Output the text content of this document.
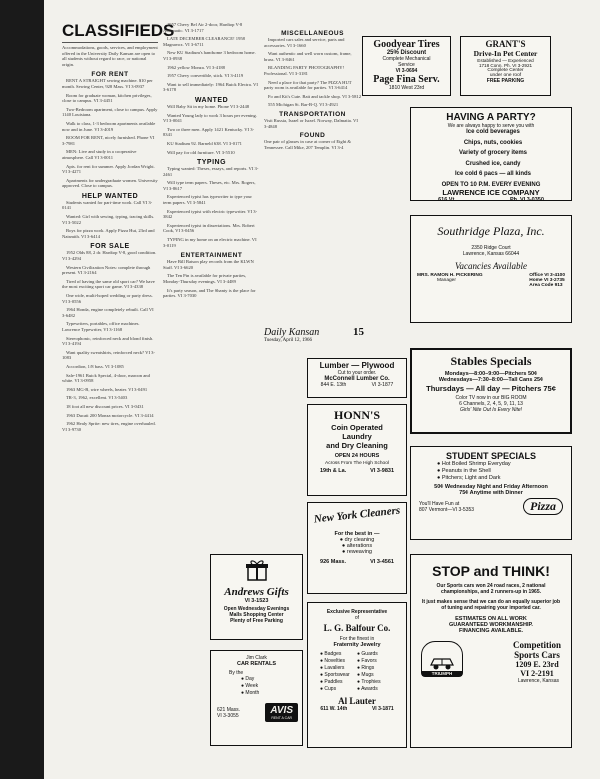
CLASSIFIEDS
Accommodations, goods, services, and employment offered in the University Daily Kansan are open to all students without regard to race, or national origin.
FOR RENT
RENT A STRAIGHT sewing machine. $10 per month. Sewing Center, 928 Mass. VI 3-0937
Room for graduate woman, kitchen privileges, close to campus. VI 3-4451
Two-Bedroom apartment, close to campus. Apply 1140 Louisiana.
Walk to class, 1-3 bedroom apartments available now and in June. VI 3-4019
ROOM FOR RENT, nicely furnished. Phone VI 3-7981
MEN: Live and study in a cooperative atmosphere. Call VI 3-0011
Apts. for rent for summer. Apply Jordan Wright. VI 3-4271
Apartments for undergraduate women. University approved. Close to campus.
HELP WANTED
Students wanted for part-time work. Call VI 3-0141
Wanted: Girl with sewing, typing, tracing skills. VI 3-5022
Boys for pizza work. Apply Pizza Hut, 23rd and Naismith. VI 3-6414
FOR SALE
1952 Olds 88, 2 dr. Hardtop V-8, good condition. VI 3-4294
Western Civilization Notes: complete through present. VI 3-2164
Tired of having the same old sport car? We have the most exciting sport car game. VI 3-4338
One wide, multi-hoped wedding or party dress. VI 3-0556
1964 Honda, engine completely rebuilt. Call VI 3-6482
Typewriters, portables, office machines. Lawrence Typewriter, VI 3-1168
Stereophonic, reinforced neck and blond finish. VI 3-4194
Want quality sweatshirts, reinforced neck? VI 3-1083
Accordion, 1/8 bass. VI 3-1085
Sale-1961 Buick Special, 4-door, maroon and white. VI 3-0958
1963 MG-B, wire wheels, heater. VI 3-0491
TR-3, 1962, excellent. VI 3-5403
18 foot all new discount prices. VI 3-0431
1963 Ducati 200 Monza motorcycle. VI 3-4414
1962 Healy Sprite: new tires, engine overhauled. VI 3-9730
1957 Chevy Bel Air 2-door, Hardtop V-8 Automatic. VI 3-1717
LATE DECEMBER CLEARANCE! 1958 Magnavox. VI 3-6711
New KU Stadium's handsome 3 bedroom home. VI 3-0938
1962 yellow Monza. VI 3-4188
1957 Chevy convertible, stick. VI 3-4119
Want to sell immediately: 1964 Buick Electra. VI 3-6178
WANTED
Will Baby Sit in my home. Phone VI 3-2448
Wanted Young lady to work 3 hours per evening. VI 3-0041
Two or three men. Apply 1421 Kentucky. VI 3-8341
KU Stadium 92. Barneld 638. VI 3-0171
Will pay for old furniture. VI 3-5510
TYPING
Typing wanted: Theses, essays, and reports. VI 3-2461
Will type term papers. Theses, etc. Mrs. Rogers, VI 3-8617
Experienced typist has typewriter to type your term papers. VI 3-5841
Experienced typist with electric typewriter. VI 3-3842
Experienced typist in dissertations. Mrs. Robert Cook, VI 3-0456
TYPING in my home on an electric machine. VI 3-0119
ENTERTAINMENT
Have Bill Batson play records from the KLWN Staff. VI 3-6620
The Ten Pin is available for private parties, Monday-Thursday evenings. VI 3-4489
It's party season, and The Shanty is the place for parties. VI 3-7030
MISCELLANEOUS
Imported cars sales and service, parts and accessories. VI 3-1660
Want authentic and well worn custom, frame, brass. VI 3-8461
BLANDING PARTY PHOTOGRAPHY! Professional. VI 3-3181
Need a place for that party? The PIZZA HUT party room is available for parties. VI 3-6414
Fo and Kit's Cute. Bait and tackle shop. VI 3-5812
555 Michigan St. Bar-B-Q. VI 3-4921
TRANSPORTATION
Visit Russia, Israel or Israel. Norway, Dalmatia. VI 3-4848
FOUND
One pair of glasses in case at corner of Eight & Tennessee. Call Mike, 207 Templin. VI 3-4
Daily Kansan	15
Tuesday, April 12, 1966
Goodyear Tires
25% Discount
Complete Mechanical
Service
VI 3-0694
Page Fina Serv.
1810 West 23rd
GRANT'S
Drive-In Pet Center
Established — Experienced
1718 Conn. Ph. VI 3-2921
Complete Center
under one roof
FREE PARKING
HAVING A PARTY?
We are always happy to serve you with
Ice cold beverages
Chips, nuts, cookies
Variety of grocery items
Crushed ice, candy
Ice cold 6 pacs — all kinds
OPEN TO 10 P.M. EVERY EVENING
LAWRENCE ICE COMPANY
616 Vt.	Ph. VI 3-0350
Southridge Plaza, Inc.
2350 Ridge Court
Lawrence, Kansas 66044
Vacancies Available
MRS. RAMON H. PICKERING
Manager
Office VI 3-4100
Home VI 3-2735
Area Code 913
Lumber — Plywood
Cut to your order.
McConnell Lumber Co.
844 E. 13th	VI 3-1877
HONN'S
Coin Operated
Laundry
and Dry Cleaning
OPEN 24 HOURS
Across From The High School
19th & La.	VI 3-9831
New York Cleaners
For the best in —
● dry cleaning
● alterations
● reweaving
926 Mass.	VI 3-4561
Exclusive Representative
of
L. G. Balfour Co.
For the finest in
Fraternity Jewelry
● Badges	● Guards
● Novelties	● Favors
● Lavaliers	● Rings
● Sportswear	● Mugs
● Paddles	● Trophies
● Cups	● Awards
Al Lauter
611 W. 14th	VI 3-1871
Andrews Gifts
VI 3-1523
Open Wednesday Evenings
Malls Shopping Center
Plenty of Free Parking
Jim Clark
CAR RENTALS
By the
● Day
● Week
● Month
621 Mass.
VI 3-3055	AVIS
RENT A CAR
Stables Specials
Mondays—8:00–9:00—Pitchers 50¢
Wednesdays—7:30–8:00—Tall Cans 25¢
Thursdays — All day — Pitchers 75¢
Color TV now in our BIG ROOM
6 Channels, 2, 4, 5, 9, 11, 13
Girls' Nite Out Is Every Nite!
STUDENT SPECIALS
● Hot Boiled Shrimp Everyday
● Peanuts in the Shell
● Pitchers; Light and Dark
50¢ Wednesday Night and Friday Afternoon
75¢ Anytime with Dinner
You'll Have Fun at
807 Vermont—VI 3-5353	Pizza
STOP and THINK!
Our Sports cars won 24 road races, 2 national championships, and 2 runners-up in 1965.
It just makes sense that we can do an equally superior job of tuning and repairing your imported car.
ESTIMATES ON ALL WORK
GUARANTEED WORKMANSHIP.
FINANCING AVAILABLE.
TRIUMPH
Competition
Sports Cars
1209 E. 23rd
VI 2-2191
Lawrence, Kansas
